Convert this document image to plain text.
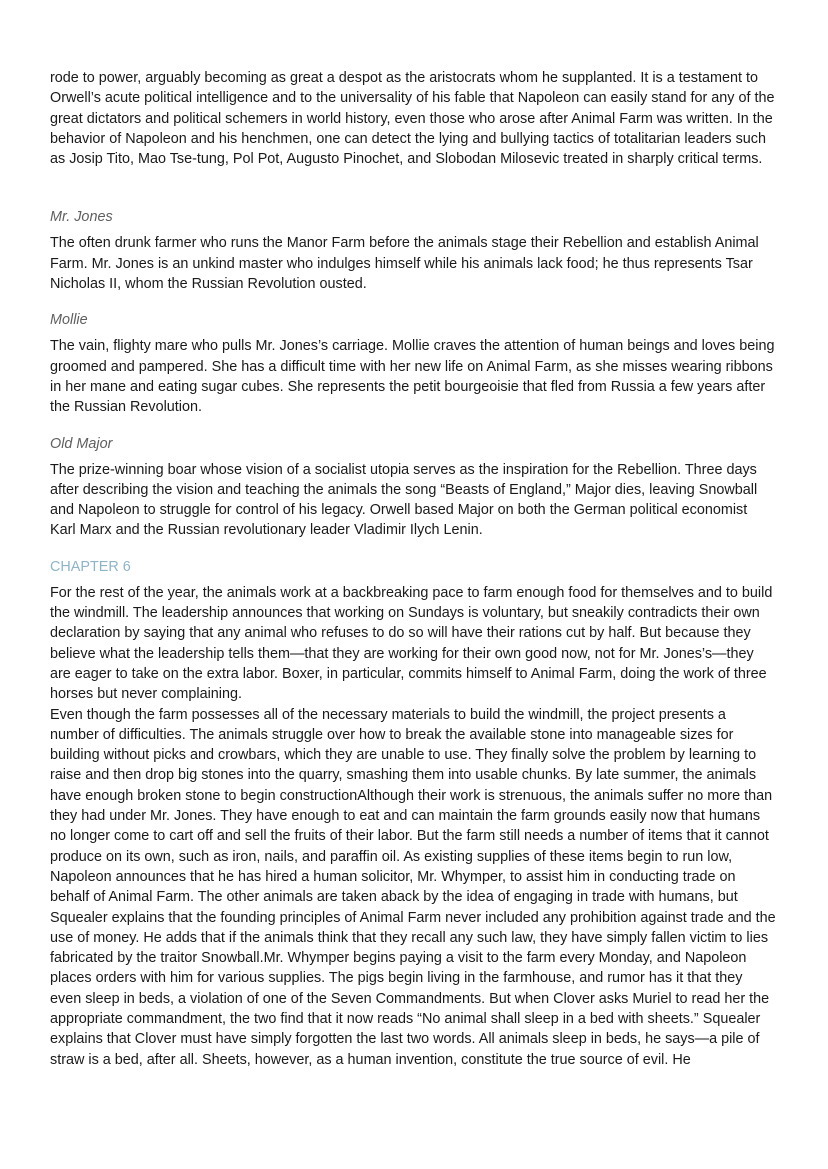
rode to power, arguably becoming as great a despot as the aristocrats whom he supplanted. It is a testament to Orwell’s acute political intelligence and to the universality of his fable that Napoleon can easily stand for any of the great dictators and political schemers in world history, even those who arose after Animal Farm was written. In the behavior of Napoleon and his henchmen, one can detect the lying and bullying tactics of totalitarian leaders such as Josip Tito, Mao Tse-tung, Pol Pot, Augusto Pinochet, and Slobodan Milosevic treated in sharply critical terms.

Mr. Jones

The often drunk farmer who runs the Manor Farm before the animals stage their Rebellion and establish Animal Farm. Mr. Jones is an unkind master who indulges himself while his animals lack food; he thus represents Tsar Nicholas II, whom the Russian Revolution ousted.

Mollie

The vain, flighty mare who pulls Mr. Jones’s carriage. Mollie craves the attention of human beings and loves being groomed and pampered. She has a difficult time with her new life on Animal Farm, as she misses wearing ribbons in her mane and eating sugar cubes. She represents the petit bourgeoisie that fled from Russia a few years after the Russian Revolution.

Old Major

The prize-winning boar whose vision of a socialist utopia serves as the inspiration for the Rebellion. Three days after describing the vision and teaching the animals the song “Beasts of England,” Major dies, leaving Snowball and Napoleon to struggle for control of his legacy. Orwell based Major on both the German political economist Karl Marx and the Russian revolutionary leader Vladimir Ilych Lenin.

CHAPTER 6

For the rest of the year, the animals work at a backbreaking pace to farm enough food for themselves and to build the windmill. The leadership announces that working on Sundays is voluntary, but sneakily contradicts their own declaration by saying that any animal who refuses to do so will have their rations cut by half. But because they believe what the leadership tells them—that they are working for their own good now, not for Mr. Jones’s—they are eager to take on the extra labor. Boxer, in particular, commits himself to Animal Farm, doing the work of three horses but never complaining.

Even though the farm possesses all of the necessary materials to build the windmill, the project presents a number of difficulties. The animals struggle over how to break the available stone into manageable sizes for building without picks and crowbars, which they are unable to use. They finally solve the problem by learning to raise and then drop big stones into the quarry, smashing them into usable chunks. By late summer, the animals have enough broken stone to begin constructionAlthough their work is strenuous, the animals suffer no more than they had under Mr. Jones. They have enough to eat and can maintain the farm grounds easily now that humans no longer come to cart off and sell the fruits of their labor. But the farm still needs a number of items that it cannot produce on its own, such as iron, nails, and paraffin oil. As existing supplies of these items begin to run low, Napoleon announces that he has hired a human solicitor, Mr. Whymper, to assist him in conducting trade on behalf of Animal Farm. The other animals are taken aback by the idea of engaging in trade with humans, but Squealer explains that the founding principles of Animal Farm never included any prohibition against trade and the use of money. He adds that if the animals think that they recall any such law, they have simply fallen victim to lies fabricated by the traitor Snowball.Mr. Whymper begins paying a visit to the farm every Monday, and Napoleon places orders with him for various supplies. The pigs begin living in the farmhouse, and rumor has it that they even sleep in beds, a violation of one of the Seven Commandments. But when Clover asks Muriel to read her the appropriate commandment, the two find that it now reads “No animal shall sleep in a bed with sheets.” Squealer explains that Clover must have simply forgotten the last two words. All animals sleep in beds, he says—a pile of straw is a bed, after all. Sheets, however, as a human invention, constitute the true source of evil. He
